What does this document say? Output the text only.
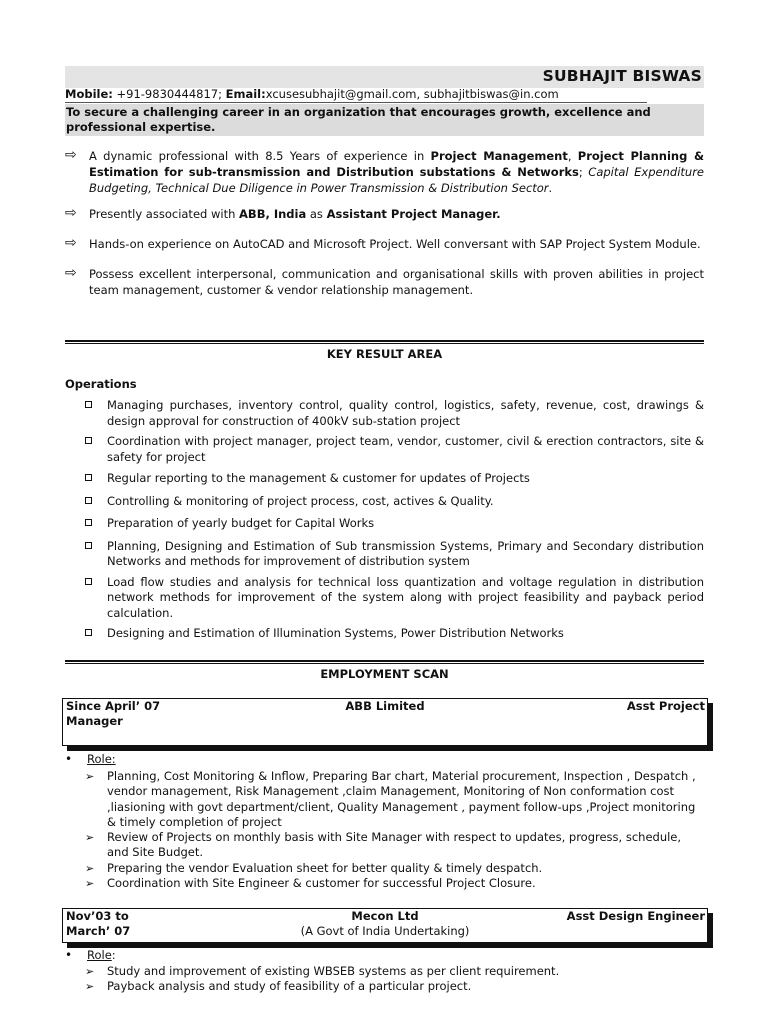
SUBHAJIT BISWAS
Mobile: +91-9830444817; Email:xcusesubhajit@gmail.com, subhajitbiswas@in.com
To secure a challenging career in an organization that encourages growth, excellence and professional expertise.
⇨ A dynamic professional with 8.5 Years of experience in Project Management, Project Planning & Estimation for sub-transmission and Distribution substations & Networks; Capital Expenditure Budgeting, Technical Due Diligence in Power Transmission & Distribution Sector.
⇨ Presently associated with ABB, India as Assistant Project Manager.
⇨ Hands-on experience on AutoCAD and Microsoft Project. Well conversant with SAP Project System Module.
⇨ Possess excellent interpersonal, communication and organisational skills with proven abilities in project team management, customer & vendor relationship management.
KEY RESULT AREA
Operations
Managing purchases, inventory control, quality control, logistics, safety, revenue, cost, drawings & design approval for construction of 400kV sub-station project
Coordination with project manager, project team, vendor, customer, civil & erection contractors, site & safety for project
Regular reporting to the management & customer for updates of Projects
Controlling & monitoring of project process, cost, actives & Quality.
Preparation of yearly budget for Capital Works
Planning, Designing and Estimation of Sub transmission Systems, Primary and Secondary distribution Networks and methods for improvement of distribution system
Load flow studies and analysis for technical loss quantization and voltage regulation in distribution network methods for improvement of the system along with project feasibility and payback period calculation.
Designing and Estimation of Illumination Systems, Power Distribution Networks
EMPLOYMENT SCAN
ABB Limited
Since April’ 07
Manager
Asst Project
• Role:
➢ Planning, Cost Monitoring & Inflow, Preparing Bar chart, Material procurement, Inspection , Despatch , vendor management, Risk Management ,claim Management, Monitoring of Non conformation cost ,liasioning with govt department/client, Quality Management , payment follow-ups ,Project monitoring & timely completion of project
➢ Review of Projects on monthly basis with Site Manager with respect to updates, progress, schedule, and Site Budget.
➢ Preparing the vendor Evaluation sheet for better quality & timely despatch.
➢ Coordination with Site Engineer & customer for successful Project Closure.
Mecon Ltd
(A Govt of India Undertaking)
Nov’03 to
March’ 07
Asst Design Engineer
• Role:
➢ Study and improvement of existing WBSEB systems as per client requirement.
➢ Payback analysis and study of feasibility of a particular project.
